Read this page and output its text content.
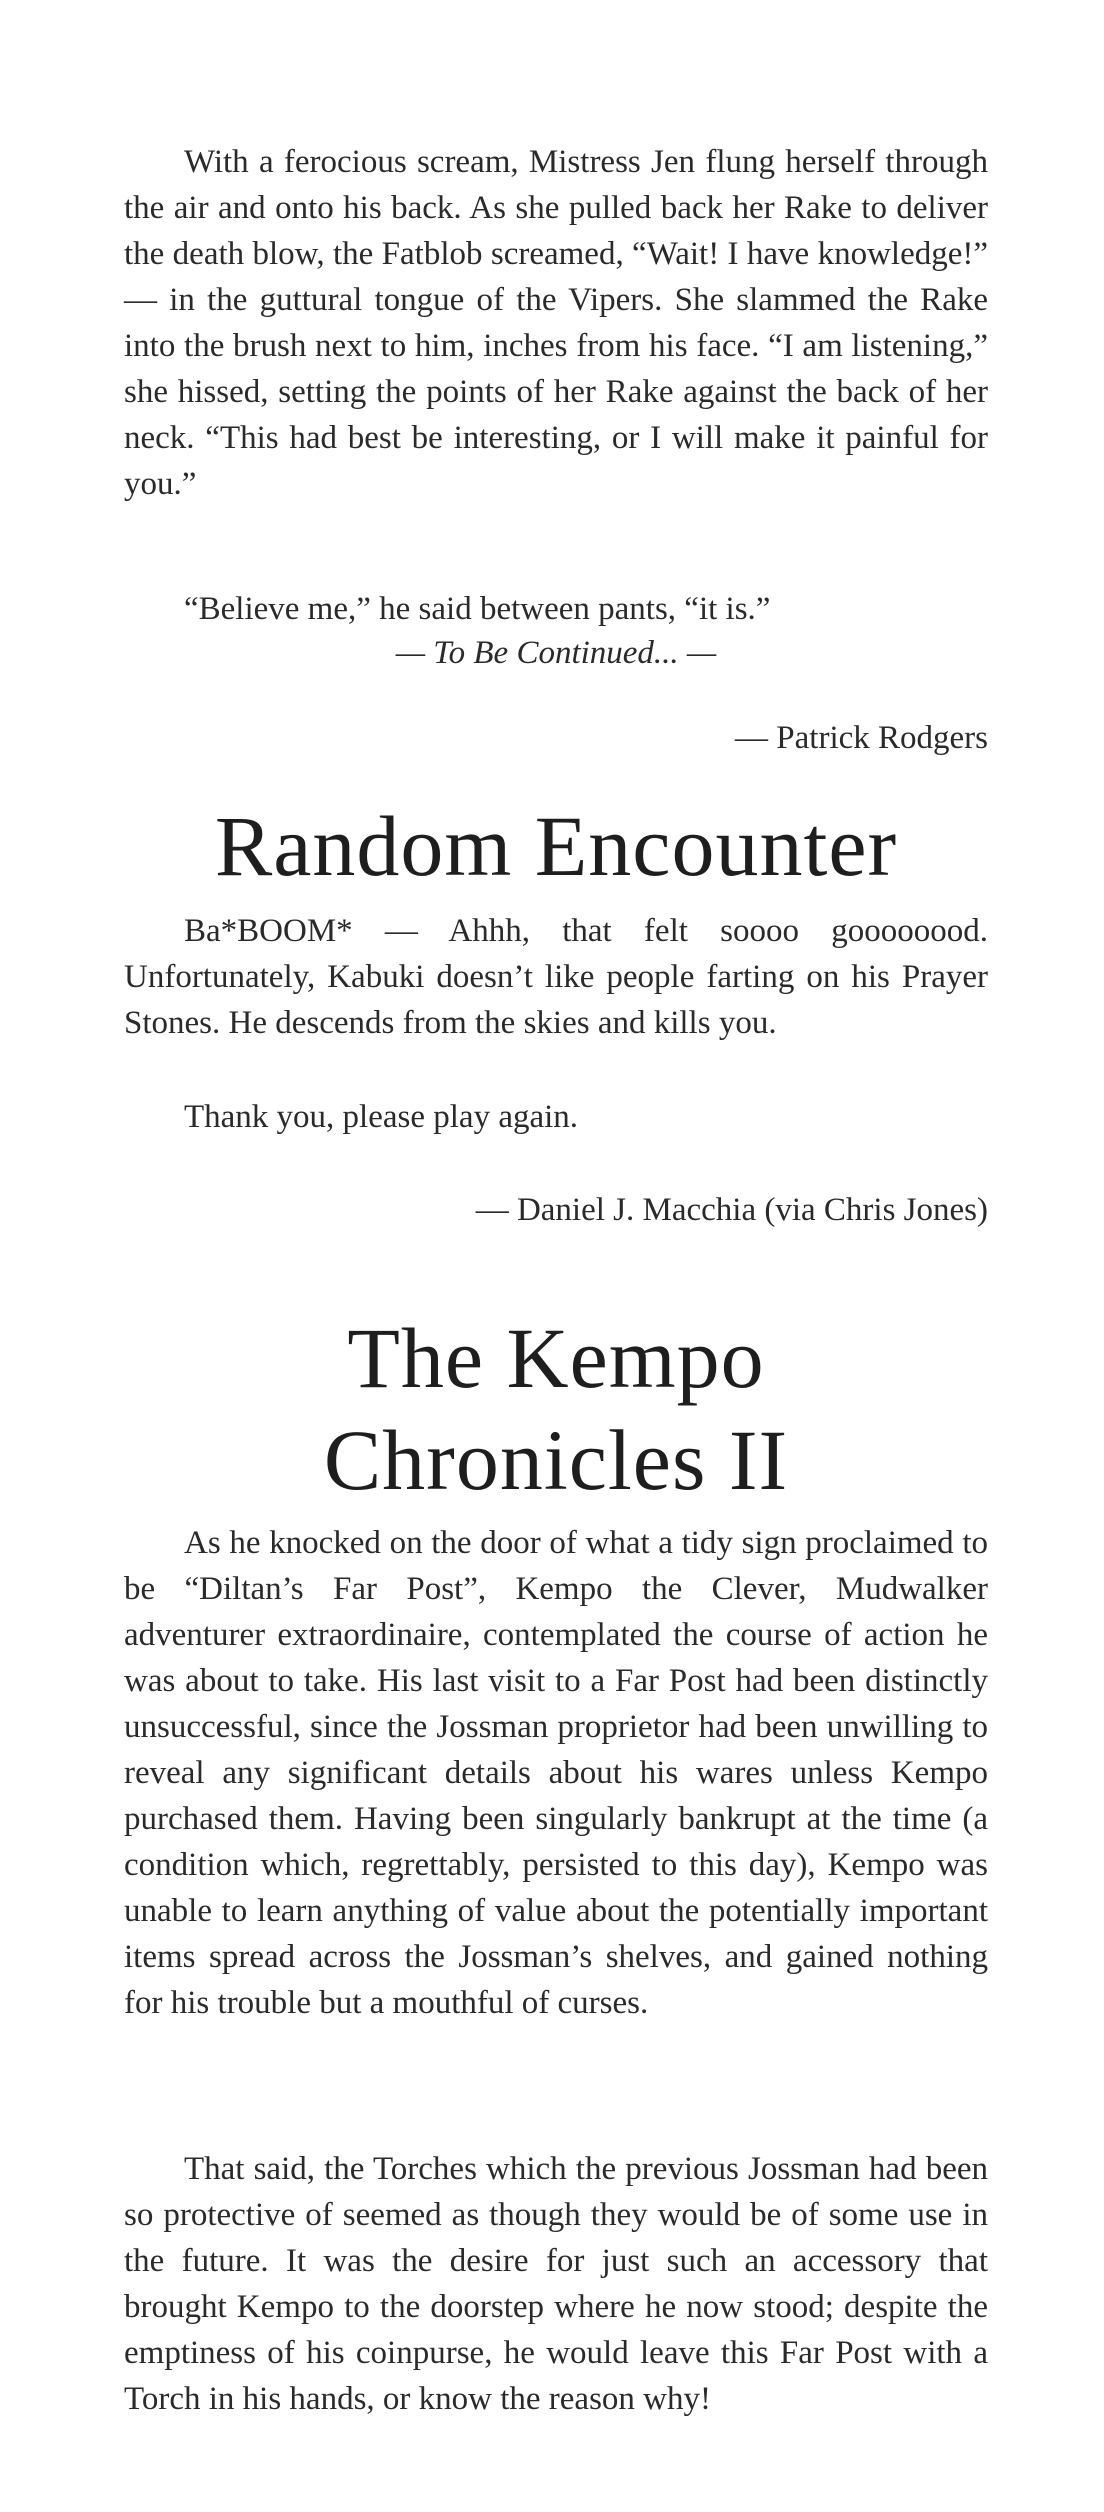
With a ferocious scream, Mistress Jen flung herself through the air and onto his back. As she pulled back her Rake to deliver the death blow, the Fatblob screamed, “Wait! I have knowledge!” — in the guttural tongue of the Vipers. She slammed the Rake into the brush next to him, inches from his face. “I am listening,” she hissed, setting the points of her Rake against the back of her neck. “This had best be interesting, or I will make it painful for you.”

“Believe me,” he said between pants, “it is.”

— To Be Continued... —
— Patrick Rodgers
Random Encounter

Ba*BOOM* — Ahhh, that felt soooo goooooood. Unfortunately, Kabuki doesn’t like people farting on his Prayer Stones. He descends from the skies and kills you.

Thank you, please play again.

— Daniel J. Macchia (via Chris Jones)
The Kempo
Chronicles II

As he knocked on the door of what a tidy sign proclaimed to be “Diltan’s Far Post”, Kempo the Clever, Mudwalker adventurer extraordinaire, contemplated the course of action he was about to take. His last visit to a Far Post had been distinctly unsuccessful, since the Jossman proprietor had been unwilling to reveal any significant details about his wares unless Kempo purchased them. Having been singularly bankrupt at the time (a condition which, regrettably, persisted to this day), Kempo was unable to learn anything of value about the potentially important items spread across the Jossman’s shelves, and gained nothing for his trouble but a mouthful of curses.

That said, the Torches which the previous Jossman had been so protective of seemed as though they would be of some use in the future. It was the desire for just such an accessory that brought Kempo to the doorstep where he now stood; despite the emptiness of his coinpurse, he would leave this Far Post with a Torch in his hands, or know the reason why!
